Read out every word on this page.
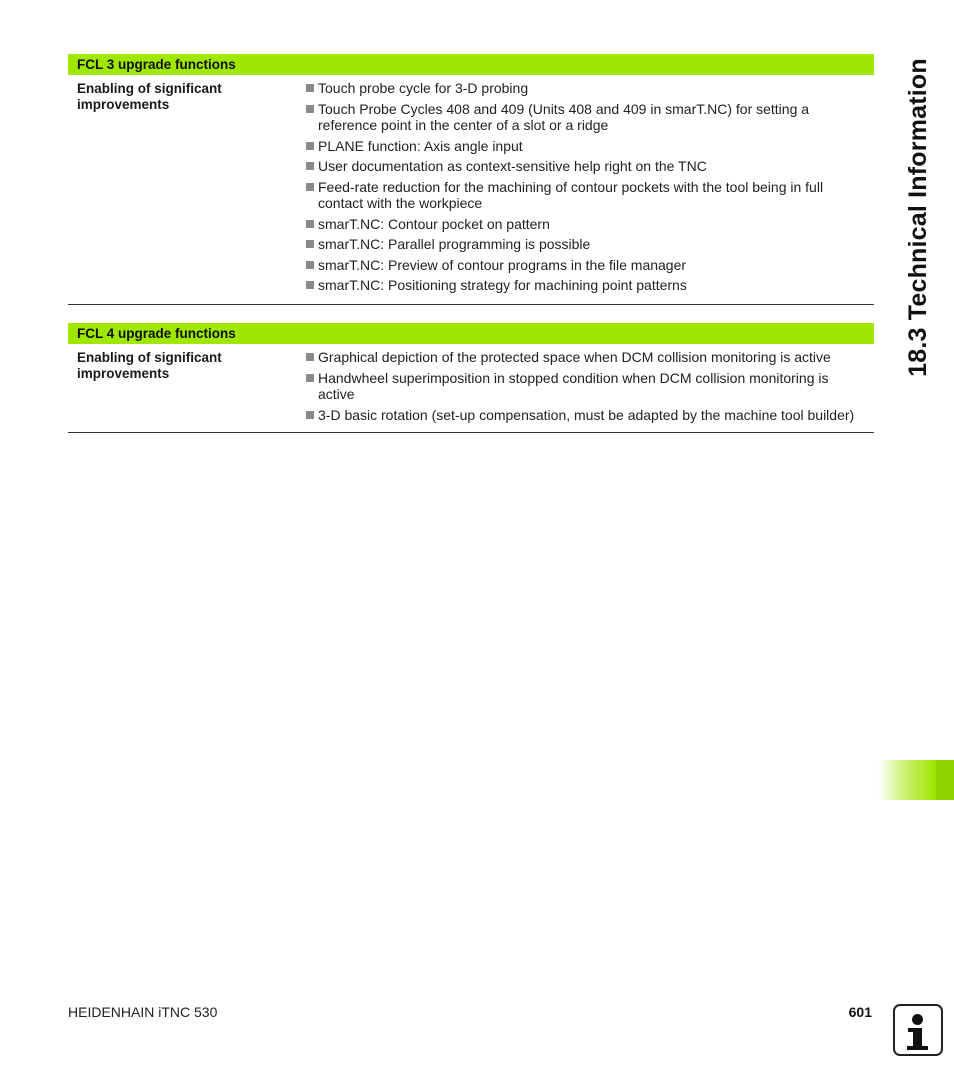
FCL 3 upgrade functions
Enabling of significant improvements
Touch probe cycle for 3-D probing
Touch Probe Cycles 408 and 409 (Units 408 and 409 in smarT.NC) for setting a reference point in the center of a slot or a ridge
PLANE function: Axis angle input
User documentation as context-sensitive help right on the TNC
Feed-rate reduction for the machining of contour pockets with the tool being in full contact with the workpiece
smarT.NC: Contour pocket on pattern
smarT.NC: Parallel programming is possible
smarT.NC: Preview of contour programs in the file manager
smarT.NC: Positioning strategy for machining point patterns
FCL 4 upgrade functions
Enabling of significant improvements
Graphical depiction of the protected space when DCM collision monitoring is active
Handwheel superimposition in stopped condition when DCM collision monitoring is active
3-D basic rotation (set-up compensation, must be adapted by the machine tool builder)
18.3 Technical Information
HEIDENHAIN iTNC 530	601
